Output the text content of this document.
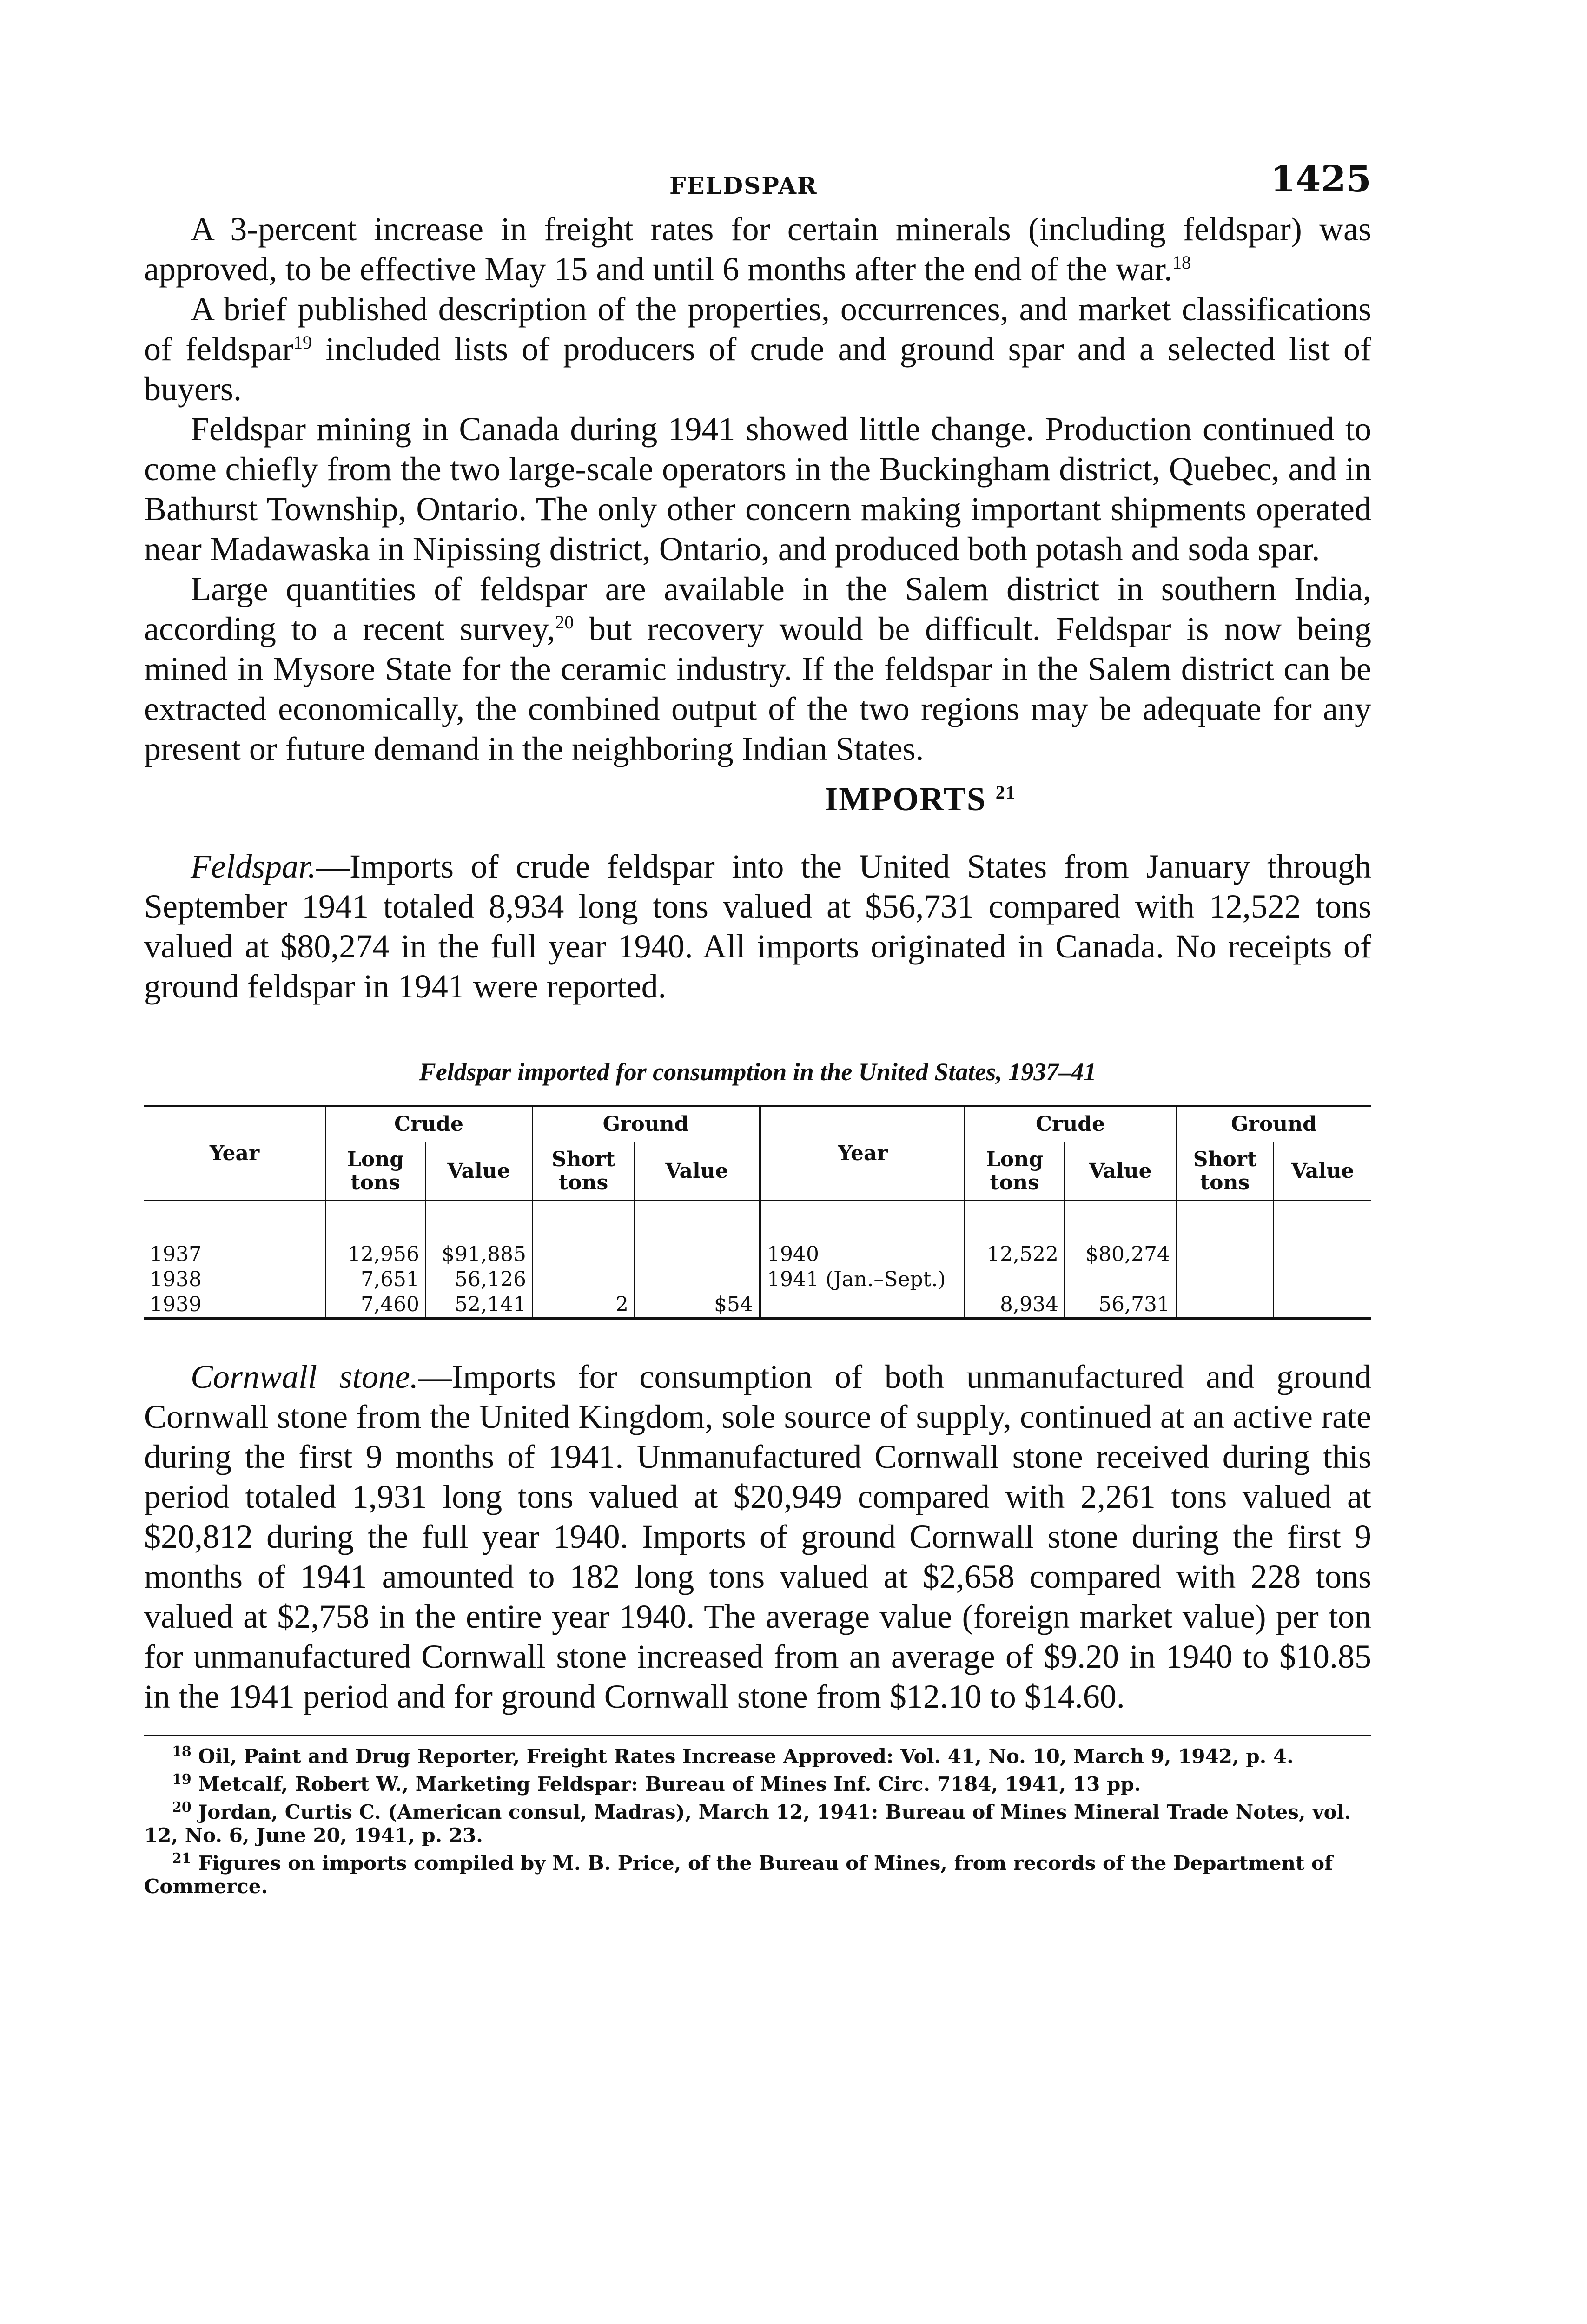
FELDSPAR	1425

A 3-percent increase in freight rates for certain minerals (including feldspar) was approved, to be effective May 15 and until 6 months after the end of the war.$^{18}$

A brief published description of the properties, occurrences, and market classifications of feldspar$^{19}$ included lists of producers of crude and ground spar and a selected list of buyers.

Feldspar mining in Canada during 1941 showed little change. Production continued to come chiefly from the two large-scale operators in the Buckingham district, Quebec, and in Bathurst Township, Ontario. The only other concern making important shipments operated near Madawaska in Nipissing district, Ontario, and produced both potash and soda spar.

Large quantities of feldspar are available in the Salem district in southern India, according to a recent survey,$^{20}$ but recovery would be difficult. Feldspar is now being mined in Mysore State for the ceramic industry. If the feldspar in the Salem district can be extracted economically, the combined output of the two regions may be adequate for any present or future demand in the neighboring Indian States.

IMPORTS $^{21}$

Feldspar.—Imports of crude feldspar into the United States from January through September 1941 totaled 8,934 long tons valued at $56,731 compared with 12,522 tons valued at $80,274 in the full year 1940. All imports originated in Canada. No receipts of ground feldspar in 1941 were reported.

Feldspar imported for consumption in the United States, 1937–41
Year	Crude		Ground		Year	Crude		Ground	
	Long tons	Value	Short tons	Value		Long tons	Value	Short tons	Value

1937	12,956	$91,885			1940	12,522	$80,274		
1938	7,651	56,126			1941 (Jan.–Sept.)	8,934	56,731		
1939	7,460	52,141	2	$54					

Cornwall stone.—Imports for consumption of both unmanufactured and ground Cornwall stone from the United Kingdom, sole source of supply, continued at an active rate during the first 9 months of 1941. Unmanufactured Cornwall stone received during this period totaled 1,931 long tons valued at $20,949 compared with 2,261 tons valued at $20,812 during the full year 1940. Imports of ground Cornwall stone during the first 9 months of 1941 amounted to 182 long tons valued at $2,658 compared with 228 tons valued at $2,758 in the entire year 1940. The average value (foreign market value) per ton for unmanufactured Cornwall stone increased from an average of $9.20 in 1940 to $10.85 in the 1941 period and for ground Cornwall stone from $12.10 to $14.60.

$^{18}$ Oil, Paint and Drug Reporter, Freight Rates Increase Approved: Vol. 41, No. 10, March 9, 1942, p. 4.

$^{19}$ Metcalf, Robert W., Marketing Feldspar: Bureau of Mines Inf. Circ. 7184, 1941, 13 pp.

$^{20}$ Jordan, Curtis C. (American consul, Madras), March 12, 1941: Bureau of Mines Mineral Trade Notes, vol. 12, No. 6, June 20, 1941, p. 23.

$^{21}$ Figures on imports compiled by M. B. Price, of the Bureau of Mines, from records of the Department of Commerce.
